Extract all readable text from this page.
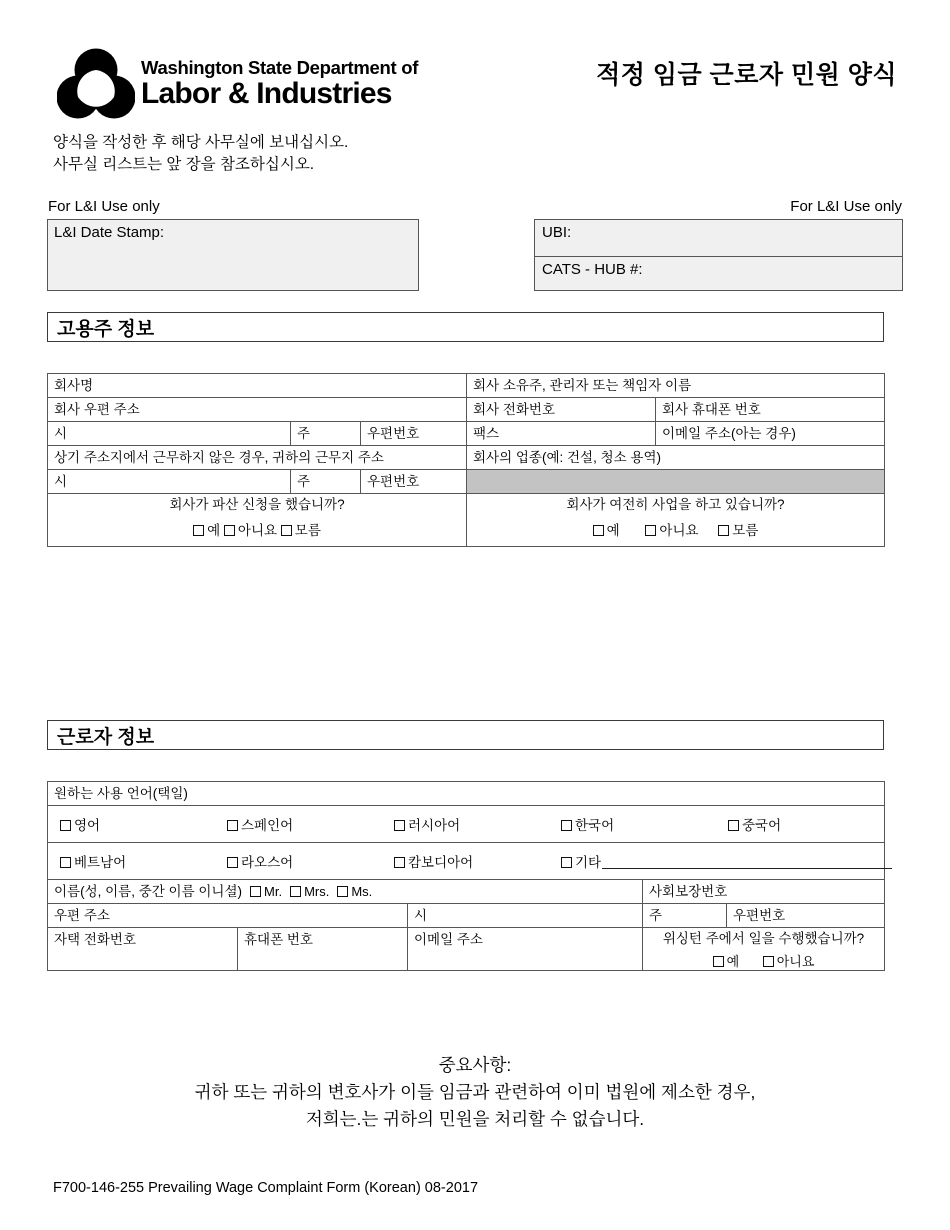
Washington State Department of
Labor & Industries
적정 임금 근로자 민원 양식
양식을 작성한 후 해당 사무실에 보내십시오.
사무실 리스트는 앞 장을 참조하십시오.
For L&I Use only	For L&I Use only
L&I Date Stamp:	UBI:
CATS - HUB #:
고용주 정보
회사명			회사 소유주, 관리자 또는 책임자 이름	
회사 우편 주소			회사 전화번호	회사 휴대폰 번호
시	주	우편번호	팩스	이메일 주소(아는 경우)
상기 주소지에서 근무하지 않은 경우, 귀하의 근무지 주소			회사의 업종(예: 건설, 청소 용역)	
시	주	우편번호		

회사가 파산 신청을 했습니까?
예 아니요 모름

회사가 여전히 사업을 하고 있습니까?
예	아니요	모름
근로자 정보
원하는 사용 언어(택일)				

영어 스페인어 러시아어 한국어 중국어				

베트남어 라오스어 캄보디아어 기타				

이름(성, 이름, 중간 이름 이니셜) Mr. Mrs. Ms.			사회보장번호	
우편 주소		시	주	우편번호
자택 전화번호	휴대폰 번호	이메일 주소	위싱턴 주에서 일을 수행했습니까?
예 아니요	
중요사항:
귀하 또는 귀하의 변호사가 이들 임금과 관련하여 이미 법원에 제소한 경우,
저희는.는 귀하의 민원을 처리할 수 없습니다.
F700-146-255 Prevailing Wage Complaint Form (Korean) 08-2017
